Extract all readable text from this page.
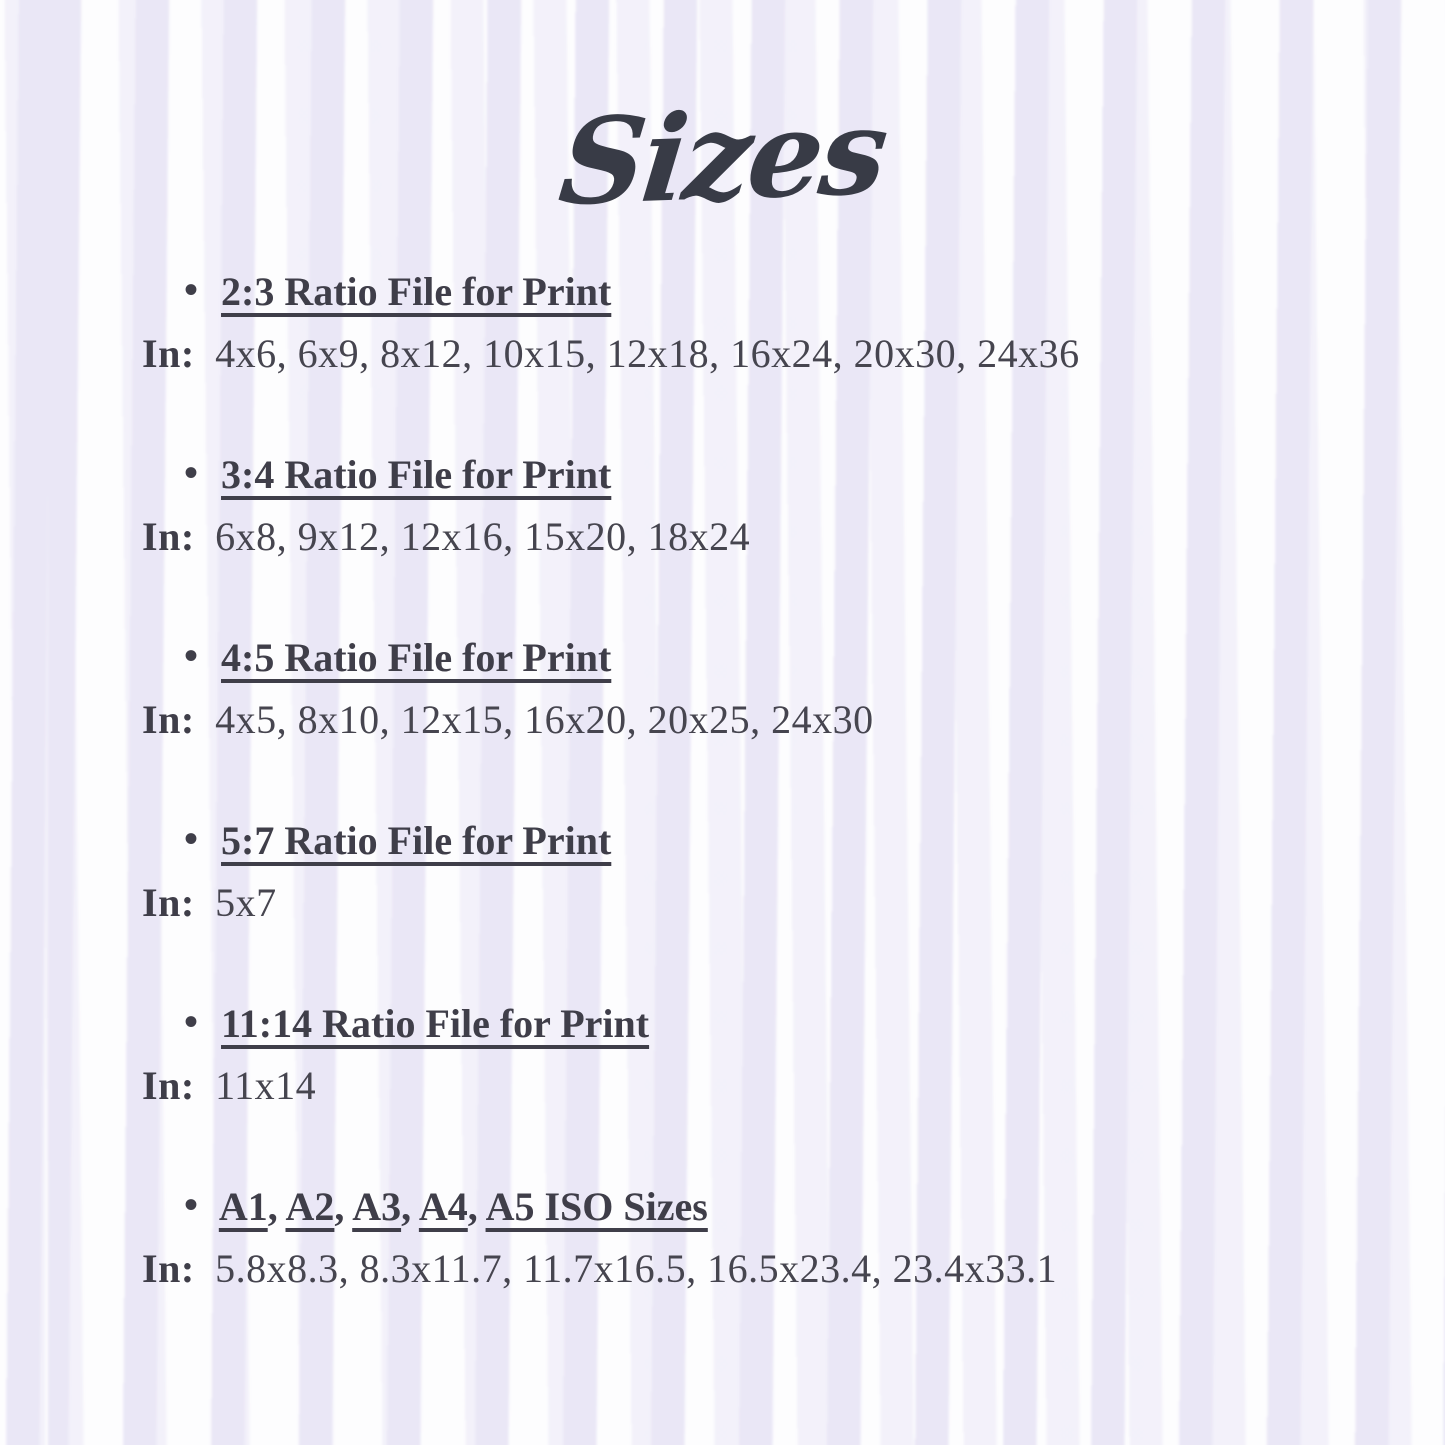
Sizes
• 2:3 Ratio File for Print
In: 4x6, 6x9, 8x12, 10x15, 12x18, 16x24, 20x30, 24x36
• 3:4 Ratio File for Print
In: 6x8, 9x12, 12x16, 15x20, 18x24
• 4:5 Ratio File for Print
In: 4x5, 8x10, 12x15, 16x20, 20x25, 24x30
• 5:7 Ratio File for Print
In: 5x7
• 11:14 Ratio File for Print
In: 11x14
• A1, A2, A3, A4, A5 ISO Sizes
In: 5.8x8.3, 8.3x11.7, 11.7x16.5, 16.5x23.4, 23.4x33.1
